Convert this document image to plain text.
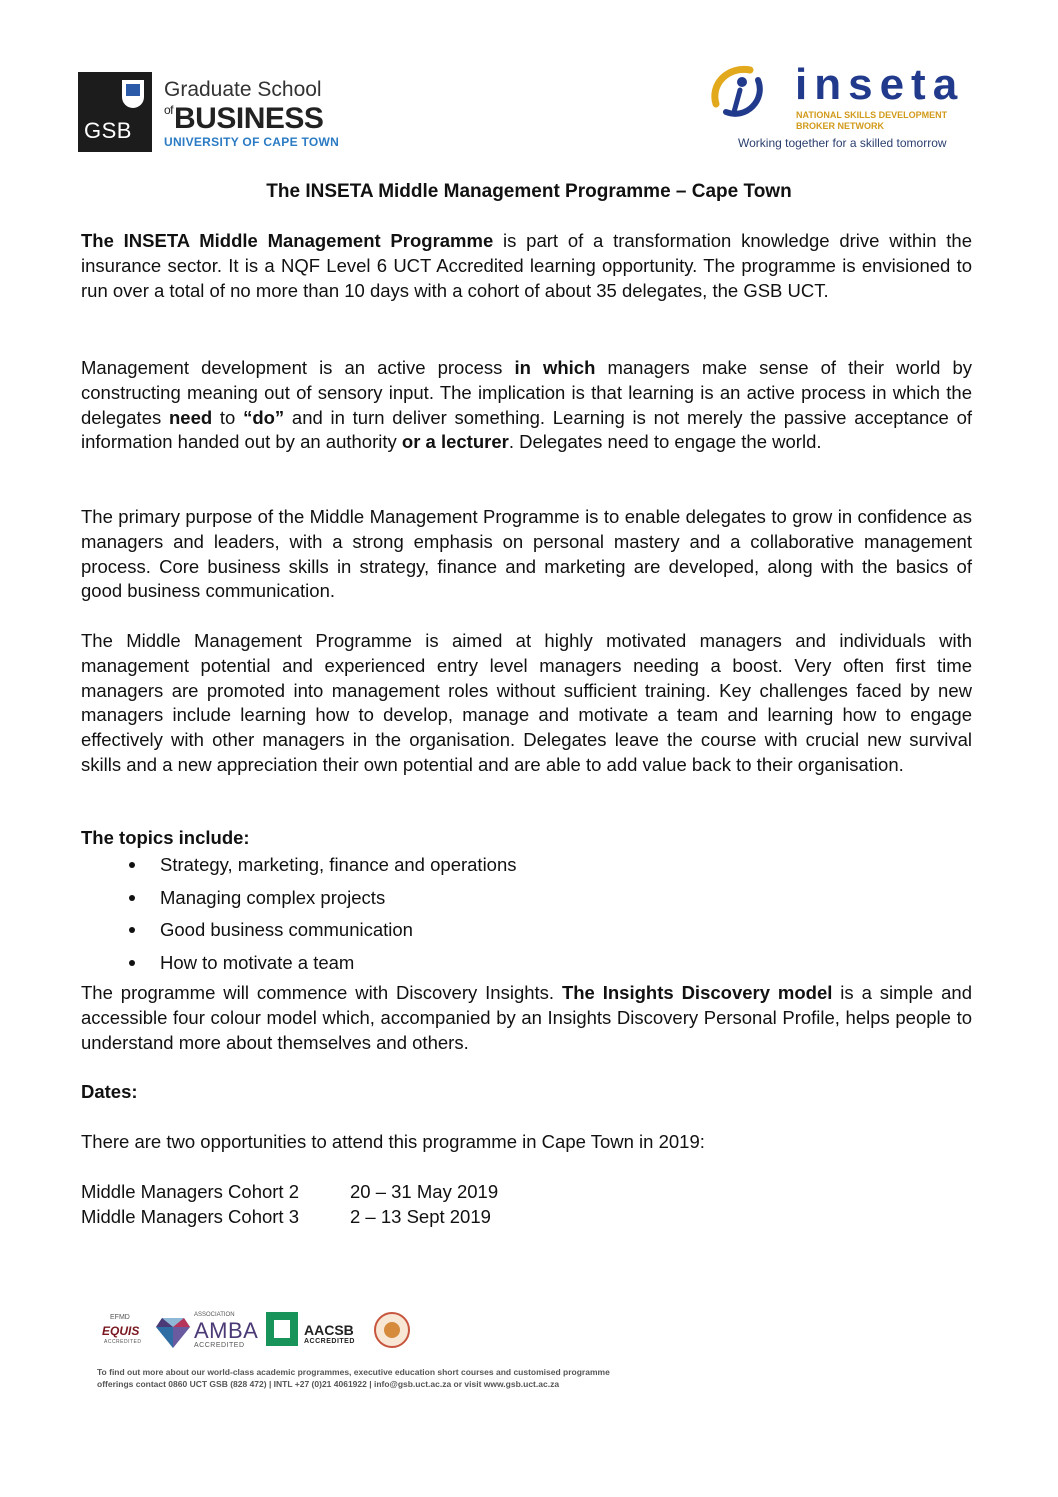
GSB
Graduate School
$^{of}$BUSINESS
UNIVERSITY OF CAPE TOWN
inseta
NATIONAL SKILLS DEVELOPMENT BROKER NETWORK
Working together for a skilled tomorrow
The INSETA Middle Management Programme – Cape Town

The INSETA Middle Management Programme is part of a transformation knowledge drive within the insurance sector. It is a NQF Level 6 UCT Accredited learning opportunity. The programme is envisioned to run over a total of no more than 10 days with a cohort of about 35 delegates, the GSB UCT.

Management development is an active process in which managers make sense of their world by constructing meaning out of sensory input. The implication is that learning is an active process in which the delegates need to “do” and in turn deliver something. Learning is not merely the passive acceptance of information handed out by an authority or a lecturer. Delegates need to engage the world.

The primary purpose of the Middle Management Programme is to enable delegates to grow in confidence as managers and leaders, with a strong emphasis on personal mastery and a collaborative management process. Core business skills in strategy, finance and marketing are developed, along with the basics of good business communication.

The Middle Management Programme is aimed at highly motivated managers and individuals with management potential and experienced entry level managers needing a boost. Very often first time managers are promoted into management roles without sufficient training. Key challenges faced by new managers include learning how to develop, manage and motivate a team and learning how to engage effectively with other managers in the organisation. Delegates leave the course with crucial new survival skills and a new appreciation their own potential and are able to add value back to their organisation.

The topics include:
Strategy, marketing, finance and operations
Managing complex projects
Good business communication
How to motivate a team

The programme will commence with Discovery Insights. The Insights Discovery model is a simple and accessible four colour model which, accompanied by an Insights Discovery Personal Profile, helps people to understand more about themselves and others.

Dates:
There are two opportunities to attend this programme in Cape Town in 2019:
Middle Managers Cohort 2	20 – 31 May 2019
Middle Managers Cohort 3	2 – 13 Sept 2019
EFMD
EQUIS
ACCREDITED
ASSOCIATION
AMBA
ACCREDITED
AACSB
ACCREDITED
To find out more about our world-class academic programmes, executive education short courses and customised programme offerings contact 0860 UCT GSB (828 472) | INTL +27 (0)21 4061922 | info@gsb.uct.ac.za or visit www.gsb.uct.ac.za
